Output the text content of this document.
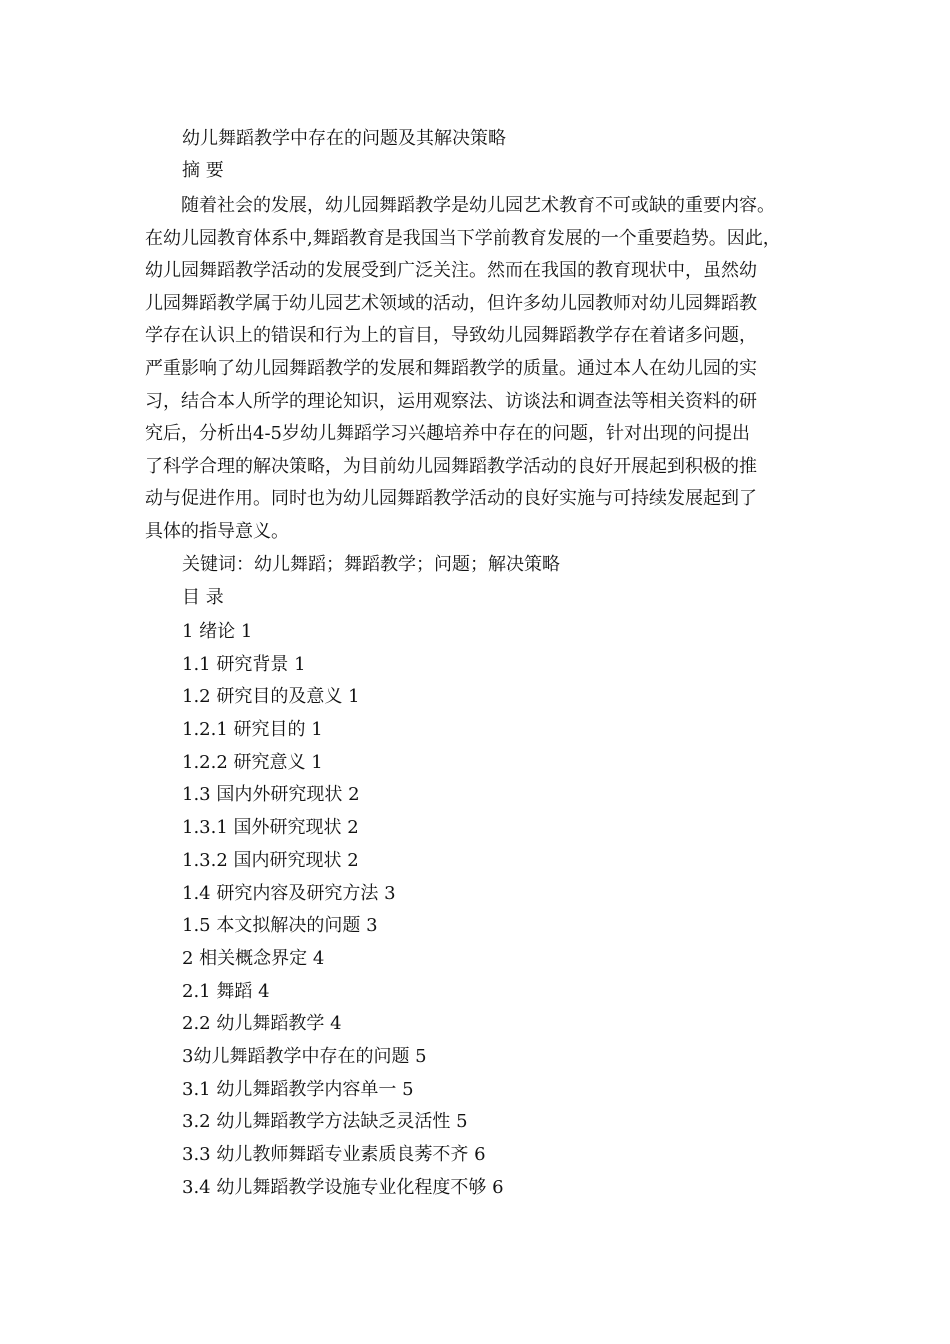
幼儿舞蹈教学中存在的问题及其解决策略
摘 要
　　随着社会的发展，幼儿园舞蹈教学是幼儿园艺术教育不可或缺的重要内容。
在幼儿园教育体系中,舞蹈教育是我国当下学前教育发展的一个重要趋势。因此，
幼儿园舞蹈教学活动的发展受到广泛关注。然而在我国的教育现状中，虽然幼
儿园舞蹈教学属于幼儿园艺术领域的活动，但许多幼儿园教师对幼儿园舞蹈教
学存在认识上的错误和行为上的盲目，导致幼儿园舞蹈教学存在着诸多问题，
严重影响了幼儿园舞蹈教学的发展和舞蹈教学的质量。通过本人在幼儿园的实
习，结合本人所学的理论知识，运用观察法、访谈法和调查法等相关资料的研
究后，分析出4-5岁幼儿舞蹈学习兴趣培养中存在的问题，针对出现的问提出
了科学合理的解决策略，为目前幼儿园舞蹈教学活动的良好开展起到积极的推
动与促进作用。同时也为幼儿园舞蹈教学活动的良好实施与可持续发展起到了
具体的指导意义。
关键词：幼儿舞蹈；舞蹈教学；问题；解决策略
目 录
1 绪论 1
1.1 研究背景 1
1.2 研究目的及意义 1
1.2.1 研究目的 1
1.2.2 研究意义 1
1.3 国内外研究现状 2
1.3.1 国外研究现状 2
1.3.2 国内研究现状 2
1.4 研究内容及研究方法 3
1.5 本文拟解决的问题 3
2 相关概念界定 4
2.1 舞蹈 4
2.2 幼儿舞蹈教学 4
3幼儿舞蹈教学中存在的问题 5
3.1 幼儿舞蹈教学内容单一 5
3.2 幼儿舞蹈教学方法缺乏灵活性 5
3.3 幼儿教师舞蹈专业素质良莠不齐 6
3.4 幼儿舞蹈教学设施专业化程度不够 6
